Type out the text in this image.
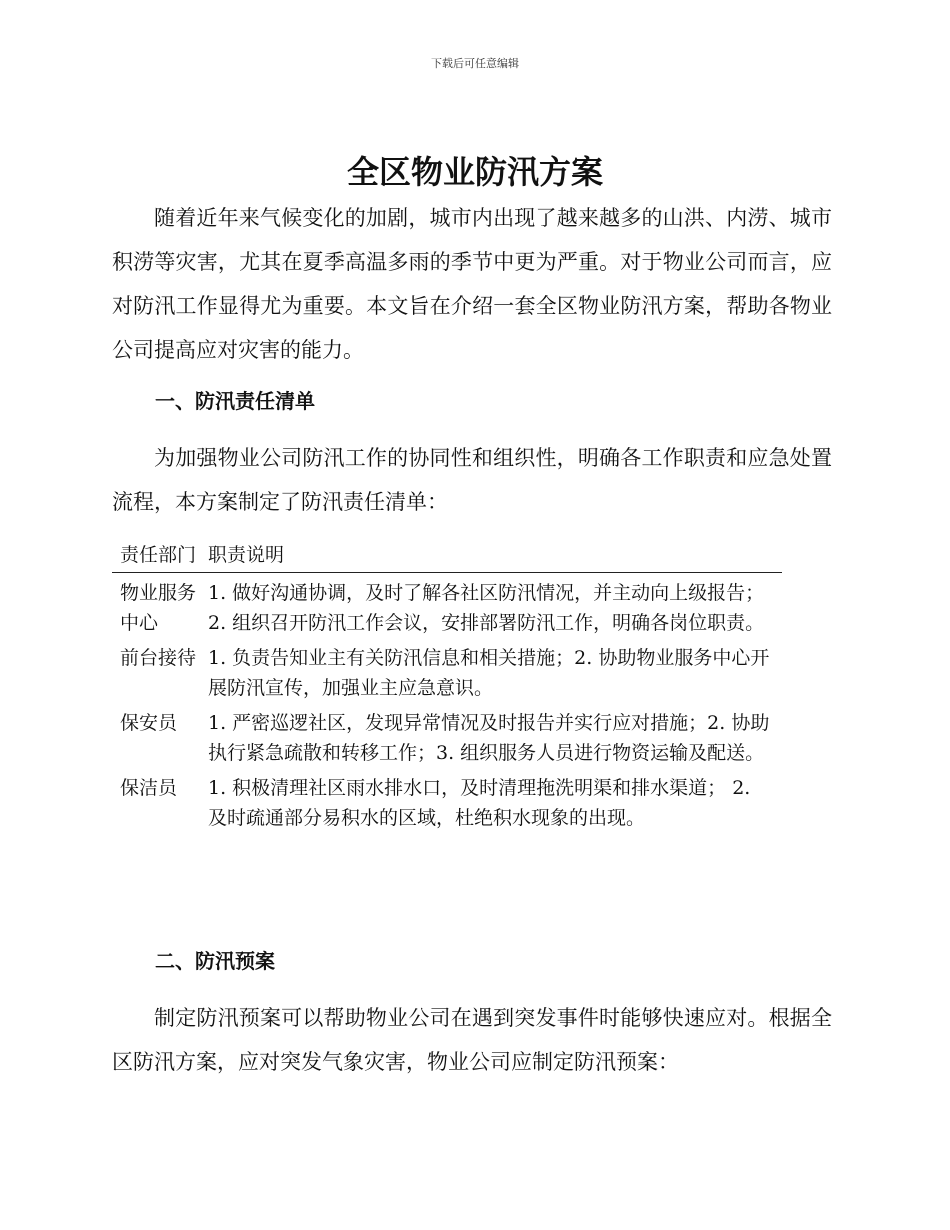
下载后可任意编辑
全区物业防汛方案
随着近年来气候变化的加剧，城市内出现了越来越多的山洪、内涝、城市积涝等灾害，尤其在夏季高温多雨的季节中更为严重。对于物业公司而言，应对防汛工作显得尤为重要。本文旨在介绍一套全区物业防汛方案，帮助各物业公司提高应对灾害的能力。
一、防汛责任清单
为加强物业公司防汛工作的协同性和组织性，明确各工作职责和应急处置流程，本方案制定了防汛责任清单：
责任部门 职责说明
物业服务中心
1. 做好沟通协调，及时了解各社区防汛情况，并主动向上级报告；2. 组织召开防汛工作会议，安排部署防汛工作，明确各岗位职责。
前台接待 1. 负责告知业主有关防汛信息和相关措施；2. 协助物业服务中心开展防汛宣传，加强业主应急意识。
保安员	1. 严密巡逻社区，发现异常情况及时报告并实行应对措施；2. 协助执行紧急疏散和转移工作；3. 组织服务人员进行物资运输及配送。
保洁员	1. 积极清理社区雨水排水口，及时清理拖洗明渠和排水渠道； 2. 及时疏通部分易积水的区域，杜绝积水现象的出现。
二、防汛预案
制定防汛预案可以帮助物业公司在遇到突发事件时能够快速应对。根据全区防汛方案，应对突发气象灾害，物业公司应制定防汛预案：
